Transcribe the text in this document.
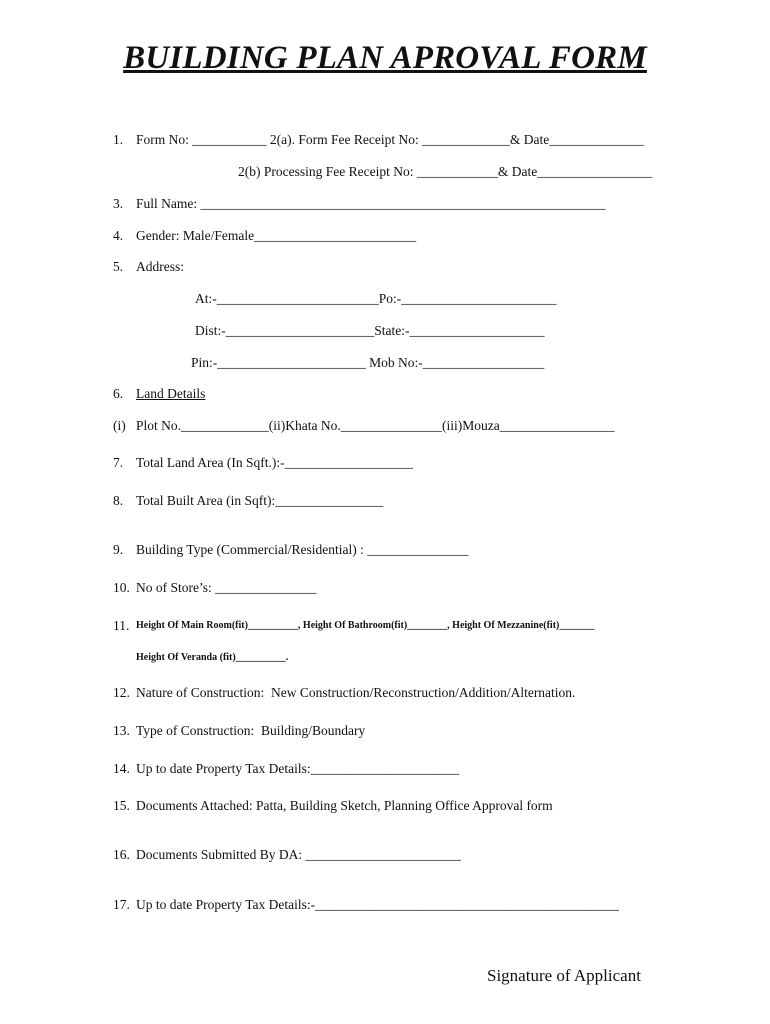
BUILDING PLAN APROVAL FORM
1. Form No: ___________ 2(a). Form Fee Receipt No: _____________& Date______________
2(b) Processing Fee Receipt No: ____________& Date_________________
3. Full Name: ____________________________________________________________
4. Gender: Male/Female________________________
5. Address:
At:-________________________Po:-_______________________
Dist:-______________________State:-____________________
Pin:-______________________ Mob No:-__________________
6. Land Details
(i) Plot No._____________(ii)Khata No._______________(iii)Mouza_________________
7. Total Land Area (In Sqft.):-___________________
8. Total Built Area (in Sqft):________________
9. Building Type (Commercial/Residential) : _______________
10. No of Store’s: _______________
11. Height Of Main Room(fit)__________, Height Of Bathroom(fit)________, Height Of Mezzanine(fit)_______
Height Of Veranda (fit)__________.
12. Nature of Construction:  New Construction/Reconstruction/Addition/Alternation.
13. Type of Construction:  Building/Boundary
14. Up to date Property Tax Details:______________________
15. Documents Attached: Patta, Building Sketch, Planning Office Approval form
16. Documents Submitted By DA: _______________________
17. Up to date Property Tax Details:-_____________________________________________
Signature of Applicant
